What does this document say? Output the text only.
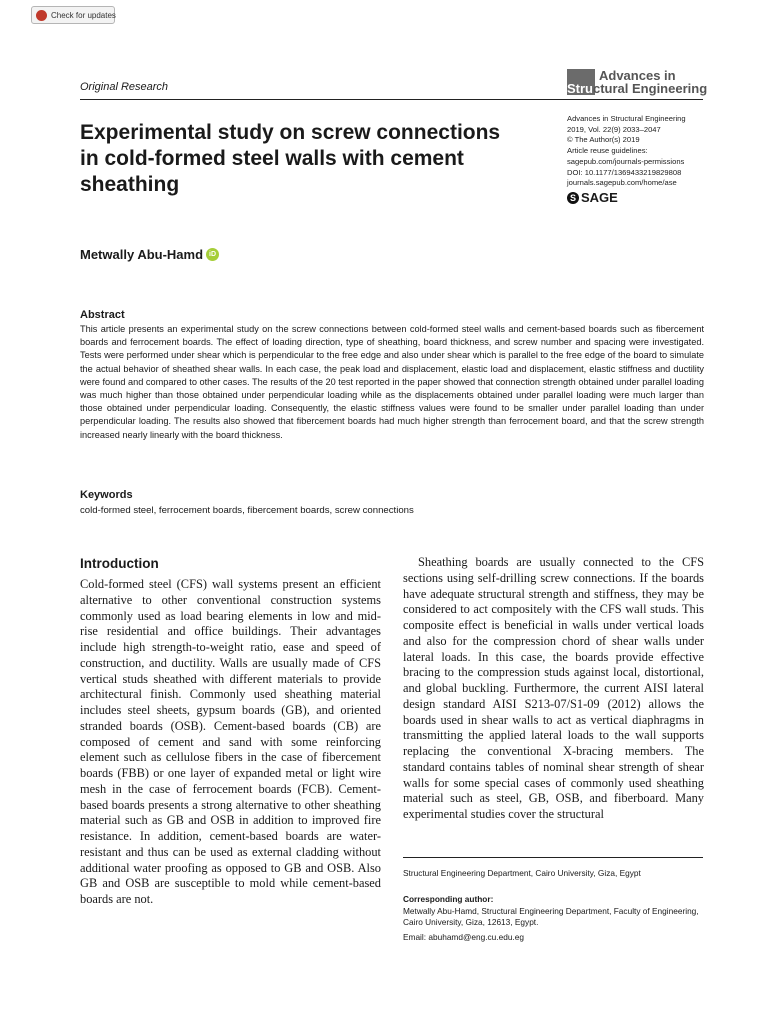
Check for updates
Original Research
Advances in
Structural Engineering
Experimental study on screw connections in cold-formed steel walls with cement sheathing
Advances in Structural Engineering
2019, Vol. 22(9) 2033–2047
© The Author(s) 2019
Article reuse guidelines:
sagepub.com/journals-permissions
DOI: 10.1177/1369433219829808
journals.sagepub.com/home/ase
S SAGE
Metwally Abu-Hamd iD
Abstract

This article presents an experimental study on the screw connections between cold-formed steel walls and cement-based boards such as fibercement boards and ferrocement boards. The effect of loading direction, type of sheathing, board thickness, and screw number and spacing were investigated. Tests were performed under shear which is perpendicular to the free edge and also under shear which is parallel to the free edge of the board to simulate the actual behavior of sheathed shear walls. In each case, the peak load and displacement, elastic load and displacement, elastic stiffness and ductility were found and compared to other cases. The results of the 20 test reported in the paper showed that connection strength obtained under parallel loading was much higher than those obtained under perpendicular loading while as the displacements obtained under parallel loading were much larger than those obtained under perpendicular loading. Consequently, the elastic stiffness values were found to be smaller under parallel loading than under perpendicular loading. The results also showed that fibercement boards had much higher strength than ferrocement board, and that the screw strength increased nearly linearly with the board thickness.

Keywords
cold-formed steel, ferrocement boards, fibercement boards, screw connections
Introduction

Cold-formed steel (CFS) wall systems present an efficient alternative to other conventional construction systems commonly used as load bearing elements in low and mid-rise residential and office buildings. Their advantages include high strength-to-weight ratio, ease and speed of construction, and ductility. Walls are usually made of CFS vertical studs sheathed with different materials to provide architectural finish. Commonly used sheathing material includes steel sheets, gypsum boards (GB), and oriented stranded boards (OSB). Cement-based boards (CB) are composed of cement and sand with some reinforcing element such as cellulose fibers in the case of fibercement boards (FBB) or one layer of expanded metal or light wire mesh in the case of ferrocement boards (FCB). Cement-based boards presents a strong alternative to other sheathing material such as GB and OSB in addition to improved fire resistance. In addition, cement-based boards are water-resistant and thus can be used as external cladding without additional water proofing as opposed to GB and OSB. Also GB and OSB are susceptible to mold while cement-based boards are not.

Sheathing boards are usually connected to the CFS sections using self-drilling screw connections. If the boards have adequate structural strength and stiffness, they may be considered to act compositely with the CFS wall studs. This composite effect is beneficial in walls under vertical loads and also for the compression chord of shear walls under lateral loads. In this case, the boards provide effective bracing to the compression studs against local, distortional, and global buckling. Furthermore, the current AISI lateral design standard AISI S213-07/S1-09 (2012) allows the boards used in shear walls to act as vertical diaphragms in transmitting the applied lateral loads to the wall supports replacing the conventional X-bracing members. The standard contains tables of nominal shear strength of shear walls for some special cases of commonly used sheathing material such as steel, GB, OSB, and fiberboard. Many experimental studies cover the structural

Structural Engineering Department, Cairo University, Giza, Egypt
Corresponding author:

Metwally Abu-Hamd, Structural Engineering Department, Faculty of Engineering, Cairo University, Giza, 12613, Egypt.

Email: abuhamd@eng.cu.edu.eg
